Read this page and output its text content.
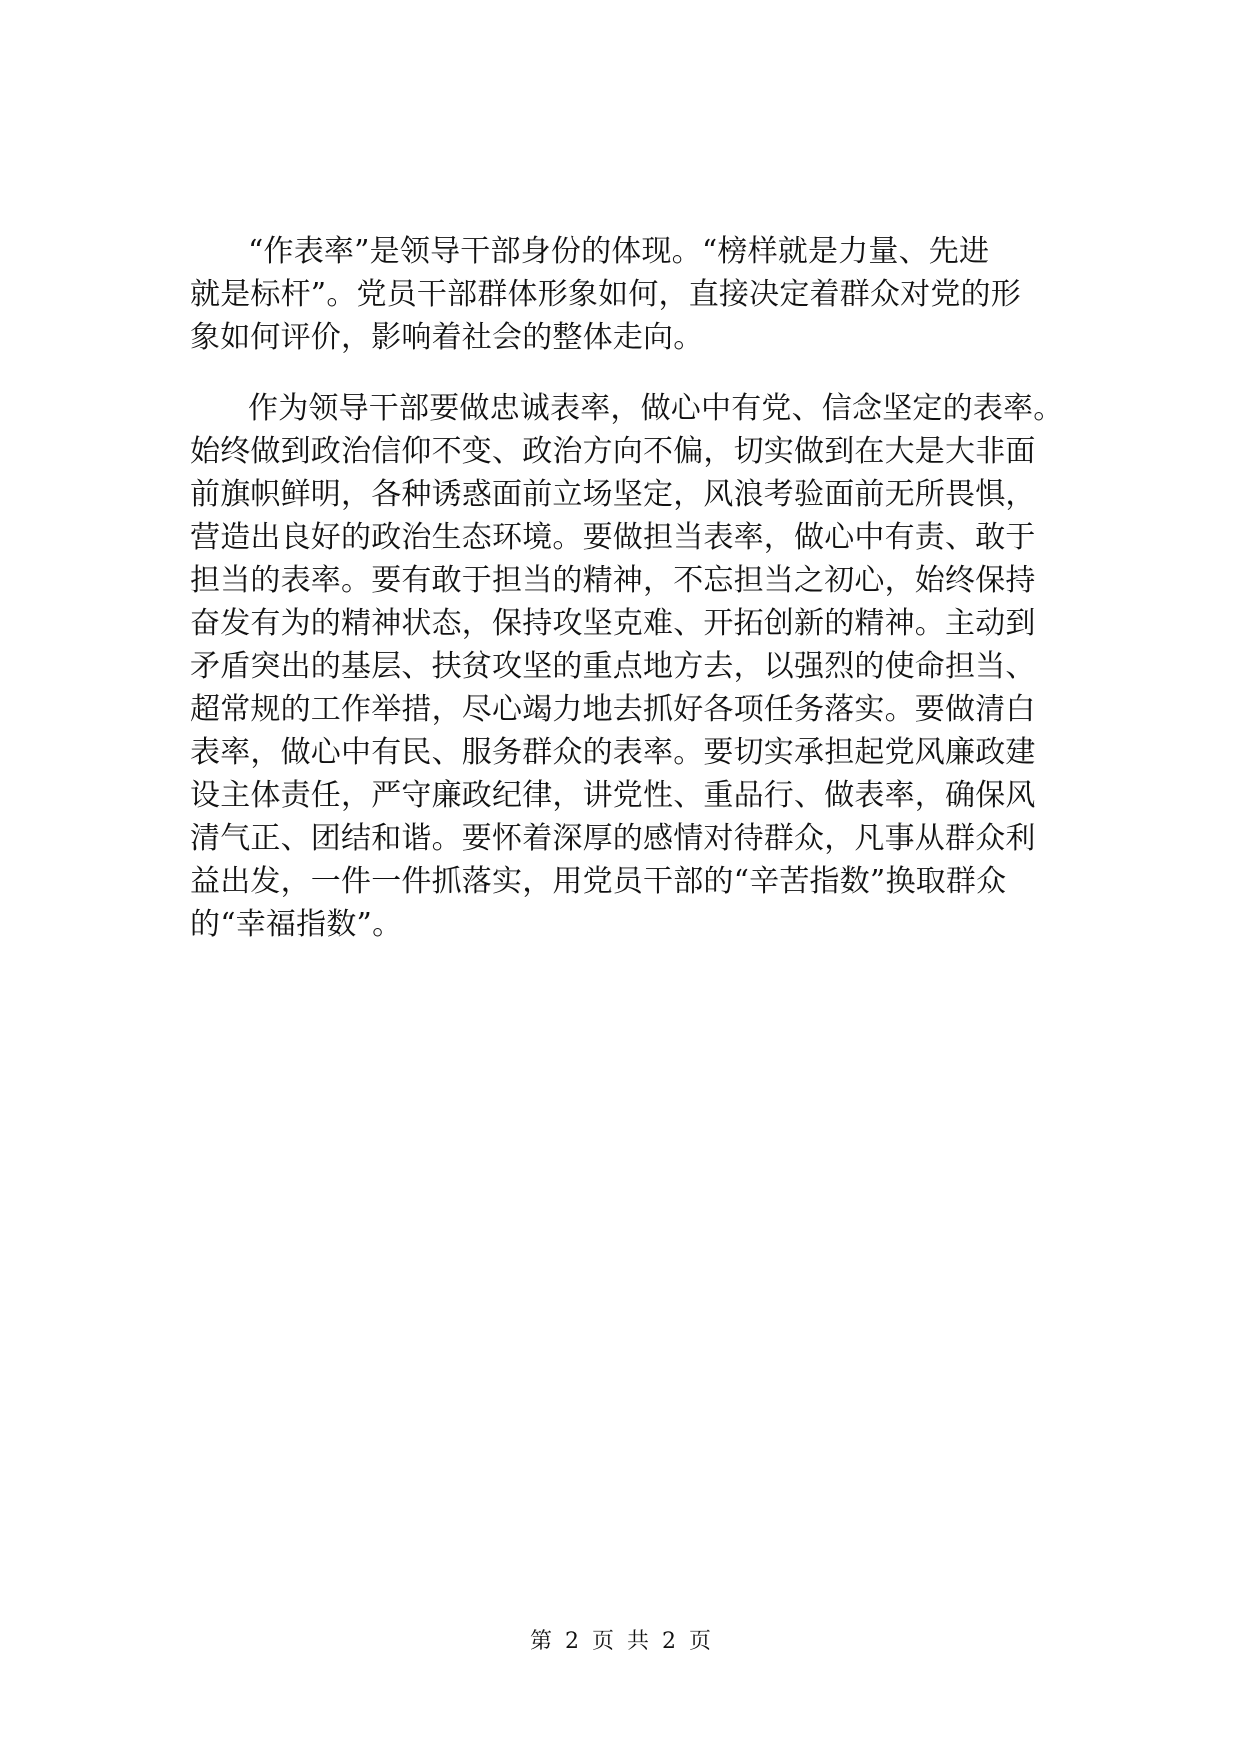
“作表率”是领导干部身份的体现。“榜样就是力量、先进
就是标杆”。党员干部群体形象如何，直接决定着群众对党的形
象如何评价，影响着社会的整体走向。
作为领导干部要做忠诚表率，做心中有党、信念坚定的表率。
始终做到政治信仰不变、政治方向不偏，切实做到在大是大非面
前旗帜鲜明，各种诱惑面前立场坚定，风浪考验面前无所畏惧，
营造出良好的政治生态环境。要做担当表率，做心中有责、敢于
担当的表率。要有敢于担当的精神，不忘担当之初心，始终保持
奋发有为的精神状态，保持攻坚克难、开拓创新的精神。主动到
矛盾突出的基层、扶贫攻坚的重点地方去，以强烈的使命担当、
超常规的工作举措，尽心竭力地去抓好各项任务落实。要做清白
表率，做心中有民、服务群众的表率。要切实承担起党风廉政建
设主体责任，严守廉政纪律，讲党性、重品行、做表率，确保风
清气正、团结和谐。要怀着深厚的感情对待群众，凡事从群众利
益出发，一件一件抓落实，用党员干部的“辛苦指数”换取群众
的“幸福指数”。
第 2 页 共 2 页
